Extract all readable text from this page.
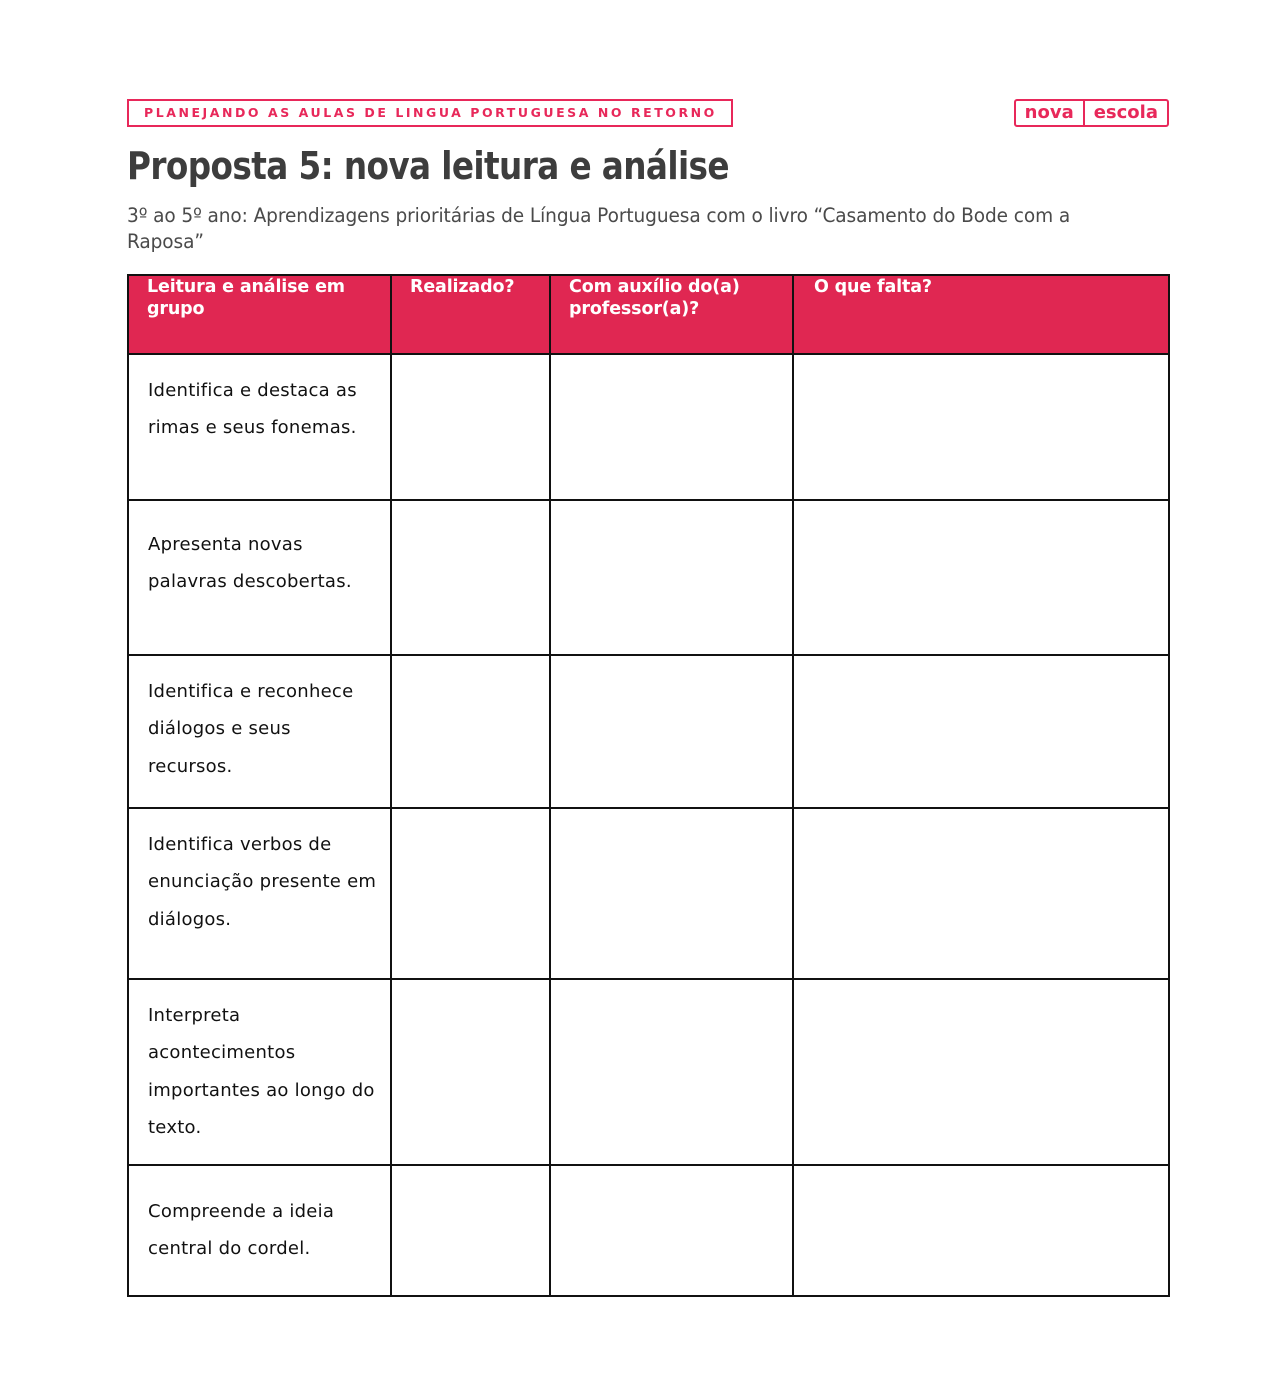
PLANEJANDO AS AULAS DE LINGUA PORTUGUESA NO RETORNO	nova	escola
Proposta 5: nova leitura e análise

3º ao 5º ano: Aprendizagens prioritárias de Língua Portuguesa com o livro “Casamento do Bode com a Raposa”

Leitura e análise em grupo	Realizado?	Com auxílio do(a) professor(a)?	O que falta?

Identifica e destaca as rimas e seus fonemas.			

Apresenta novas palavras descobertas.			

Identifica e reconhece diálogos e seus recursos.			

Identifica verbos de enunciação presente em diálogos.			

Interpreta acontecimentos importantes ao longo do texto.			

Compreende a ideia central do cordel.			
